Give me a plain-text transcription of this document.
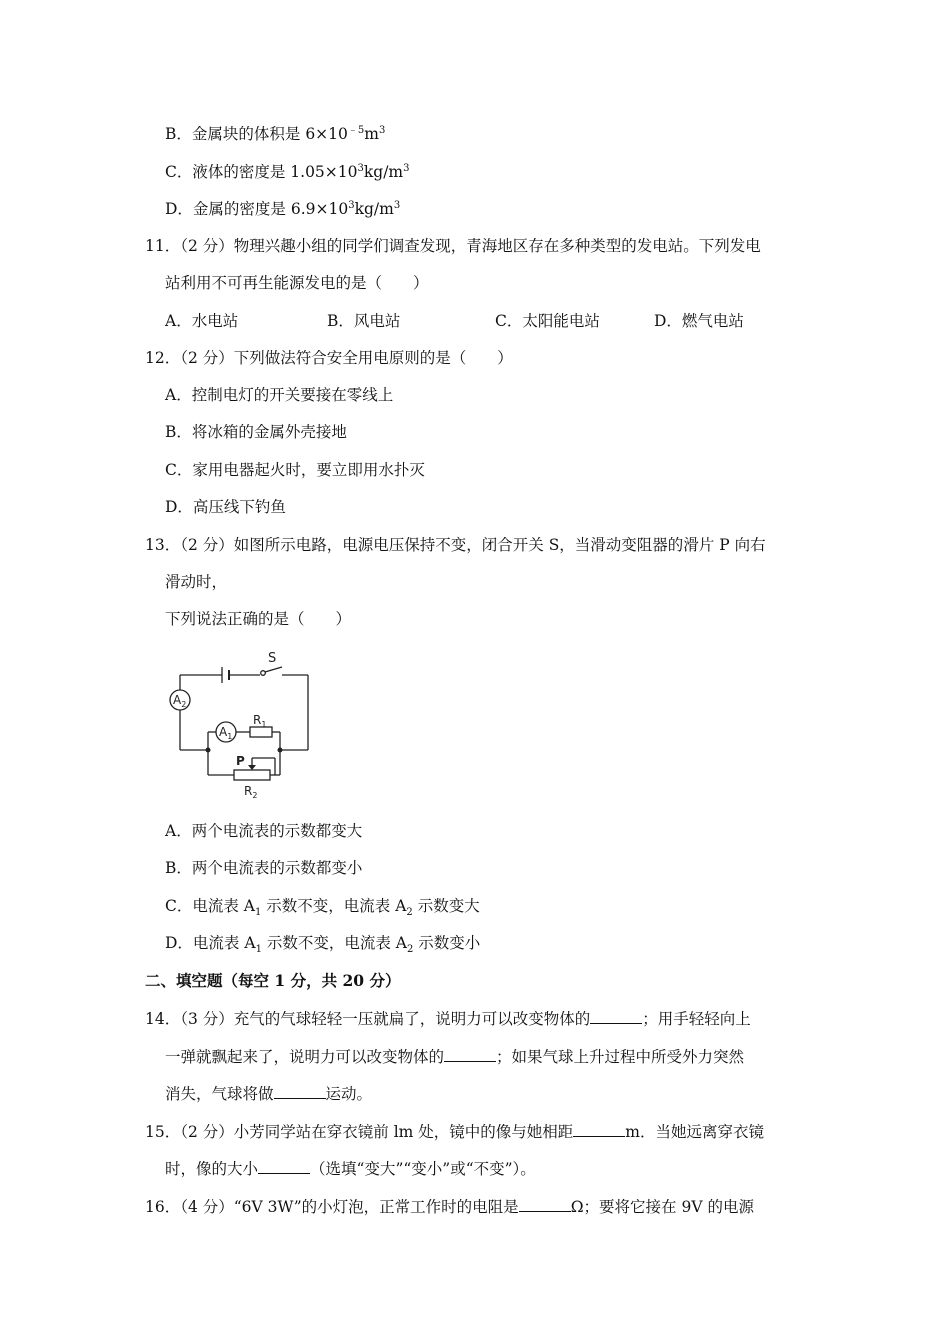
B．金属块的体积是 $6\times 10^{﹣5}m^3$
C．液体的密度是 $1.05\times 10^3kg/m^3$
D．金属的密度是 $6.9\times 10^3kg/m^3$
11．（2 分）物理兴趣小组的同学们调查发现，青海地区存在多种类型的发电站。下列发电
站利用不可再生能源发电的是（　　）
A．水电站	B．风电站	C．太阳能电站	D．燃气电站
12．（2 分）下列做法符合安全用电原则的是（　　）
A．控制电灯的开关要接在零线上
B．将冰箱的金属外壳接地
C．家用电器起火时，要立即用水扑灭
D．高压线下钓鱼
13．（2 分）如图所示电路，电源电压保持不变，闭合开关 S，当滑动变阻器的滑片 P 向右
滑动时，
下列说法正确的是（　　）
S
$A_2$
$A_1$
$R_1$
P
$R_2$
A．两个电流表的示数都变大
B．两个电流表的示数都变小
C．电流表 $A_1$ 示数不变，电流表 $A_2$ 示数变大
D．电流表 $A_1$ 示数不变，电流表 $A_2$ 示数变小
二、填空题（每空 1 分，共 20 分）
14．（3 分）充气的气球轻轻一压就扁了，说明力可以改变物体的	；用手轻轻向上
一弹就飘起来了，说明力可以改变物体的	；如果气球上升过程中所受外力突然
消失，气球将做	运动。
15．（2 分）小芳同学站在穿衣镜前 lm 处，镜中的像与她相距	m．当她远离穿衣镜
时，像的大小	（选填“变大”“变小”或“不变”）。
16．（4 分）“6V 3W”的小灯泡，正常工作时的电阻是	Ω；要将它接在 9V 的电源
